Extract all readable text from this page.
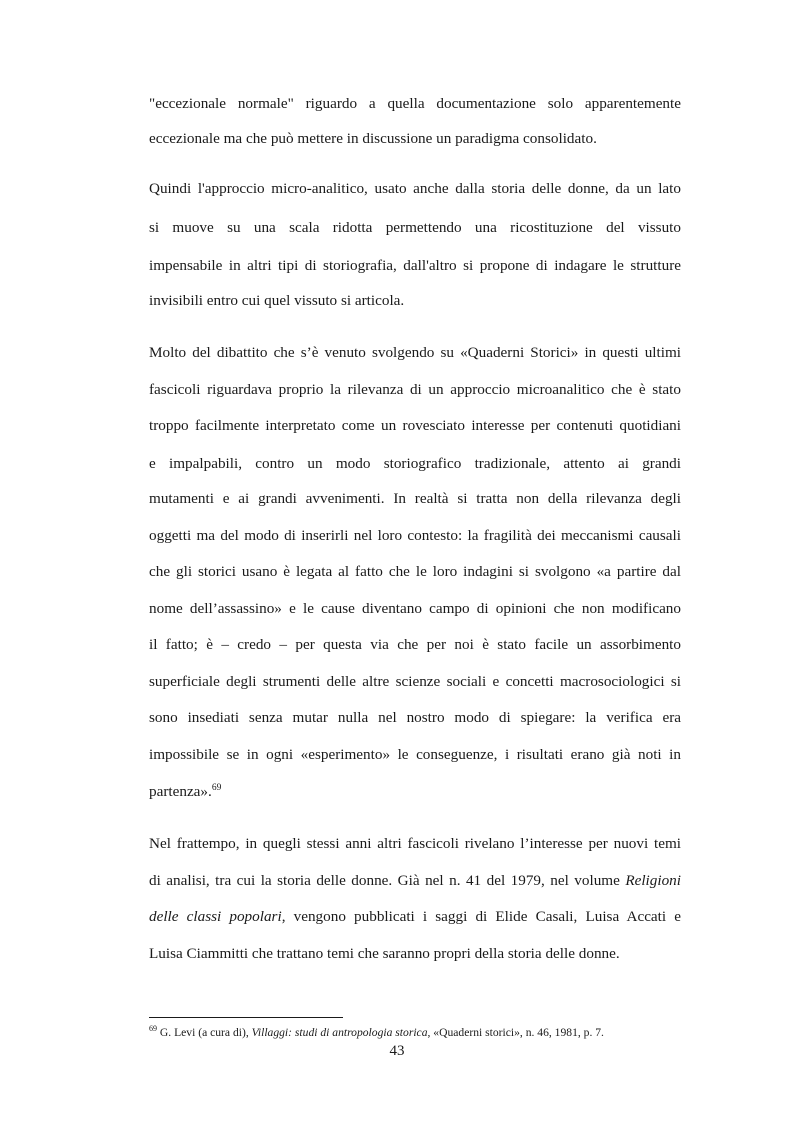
"eccezionale normale" riguardo a quella documentazione solo apparentemente
eccezionale ma che può mettere in discussione un paradigma consolidato.
Quindi l'approccio micro-analitico, usato anche dalla storia delle donne, da un lato
si muove su una scala ridotta permettendo una ricostituzione del vissuto
impensabile in altri tipi di storiografia, dall'altro si propone di indagare le strutture
invisibili entro cui quel vissuto si articola.
Molto del dibattito che s’è venuto svolgendo su «Quaderni Storici» in questi ultimi
fascicoli riguardava proprio la rilevanza di un approccio microanalitico che è stato
troppo facilmente interpretato come un rovesciato interesse per contenuti quotidiani
e impalpabili, contro un modo storiografico tradizionale, attento ai grandi
mutamenti e ai grandi avvenimenti. In realtà si tratta non della rilevanza degli
oggetti ma del modo di inserirli nel loro contesto: la fragilità dei meccanismi causali
che gli storici usano è legata al fatto che le loro indagini si svolgono «a partire dal
nome dell’assassino» e le cause diventano campo di opinioni che non modificano
il fatto; è – credo – per questa via che per noi è stato facile un assorbimento
superficiale degli strumenti delle altre scienze sociali e concetti macrosociologici si
sono insediati senza mutar nulla nel nostro modo di spiegare: la verifica era
impossibile se in ogni «esperimento» le conseguenze, i risultati erano già noti in
partenza».$^{69}$
Nel frattempo, in quegli stessi anni altri fascicoli rivelano l’interesse per nuovi temi
di analisi, tra cui la storia delle donne. Già nel n. 41 del 1979, nel volume Religioni
delle classi popolari, vengono pubblicati i saggi di Elide Casali, Luisa Accati e
Luisa Ciammitti che trattano temi che saranno propri della storia delle donne.
$^{69}$ G. Levi (a cura di), Villaggi: studi di antropologia storica, «Quaderni storici», n. 46, 1981, p. 7.
43
